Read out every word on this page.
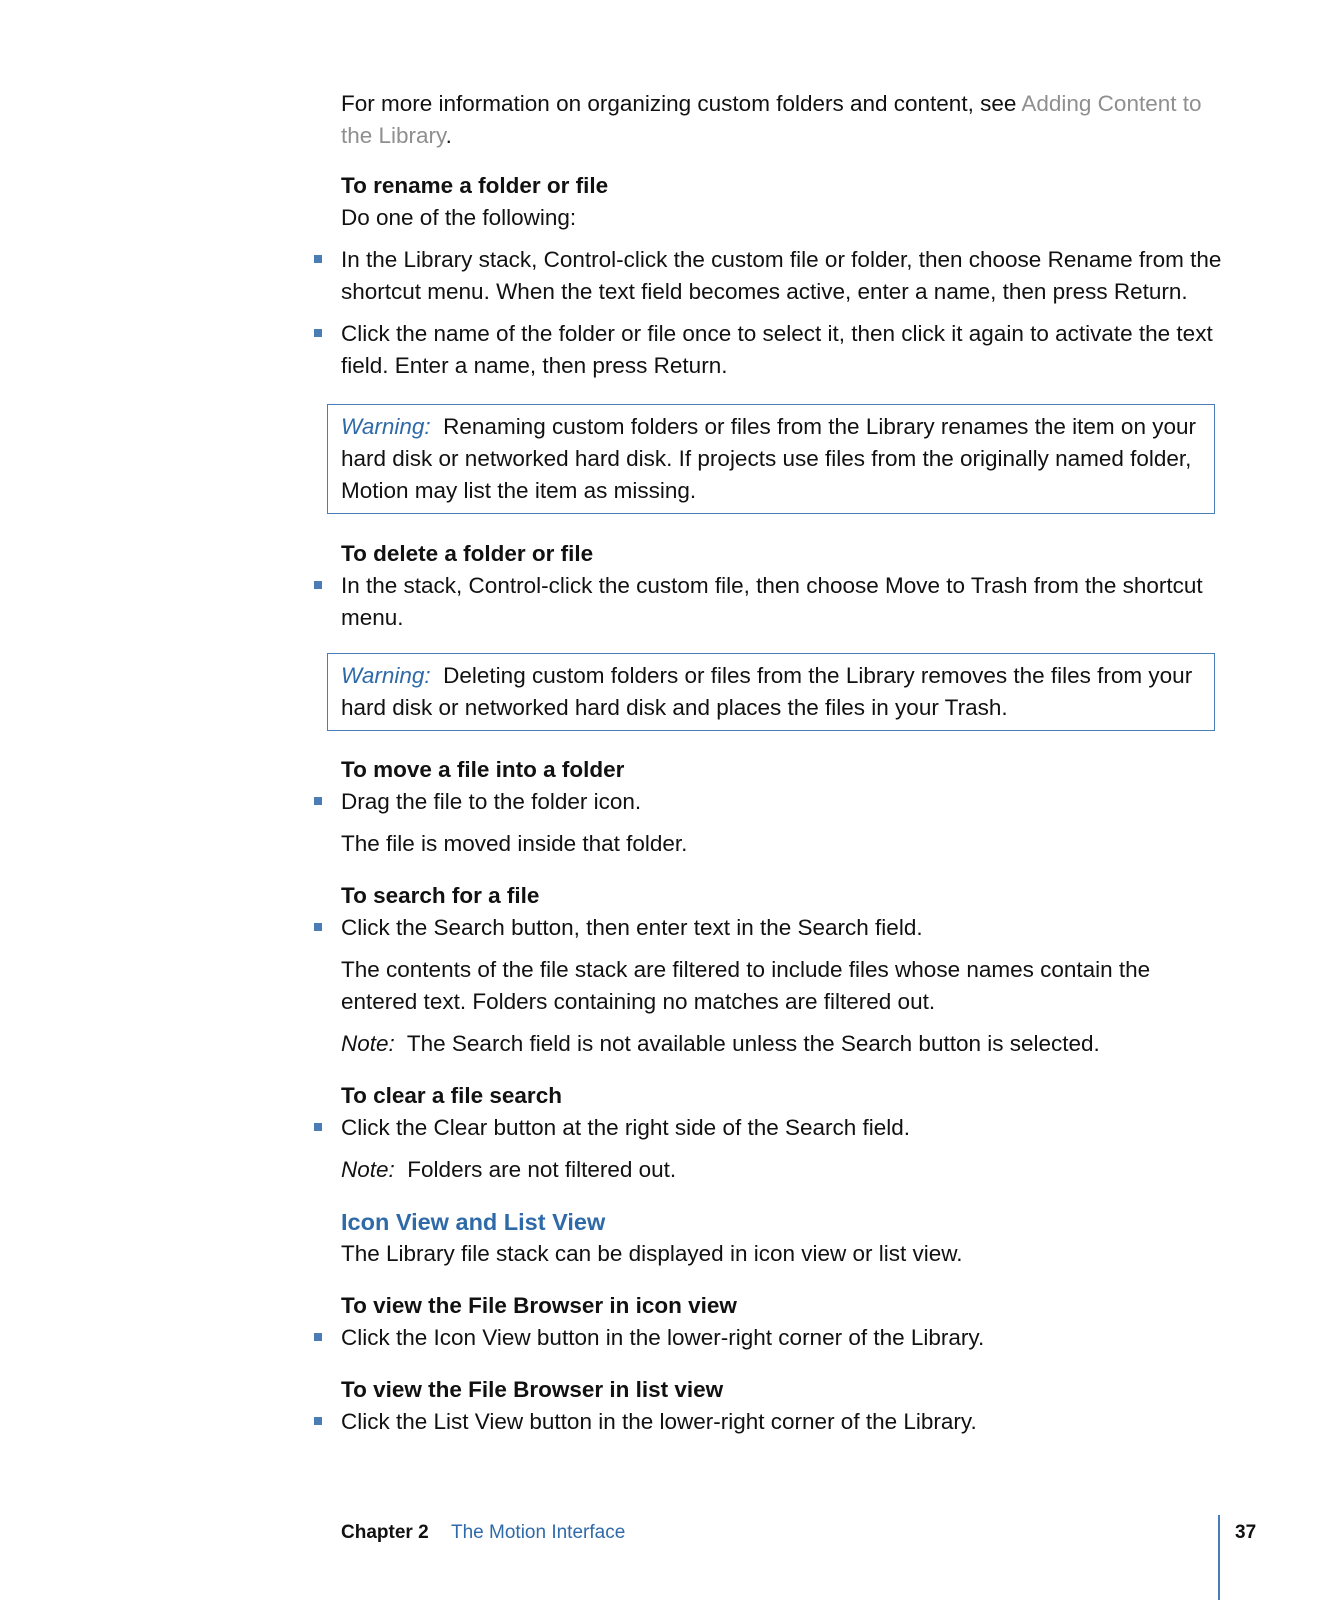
For more information on organizing custom folders and content, see Adding Content to the Library.
To rename a folder or file
Do one of the following:
In the Library stack, Control-click the custom file or folder, then choose Rename from the shortcut menu. When the text field becomes active, enter a name, then press Return.
Click the name of the folder or file once to select it, then click it again to activate the text field. Enter a name, then press Return.
Warning: Renaming custom folders or files from the Library renames the item on your hard disk or networked hard disk. If projects use files from the originally named folder, Motion may list the item as missing.
To delete a folder or file
In the stack, Control-click the custom file, then choose Move to Trash from the shortcut menu.
Warning: Deleting custom folders or files from the Library removes the files from your hard disk or networked hard disk and places the files in your Trash.
To move a file into a folder
Drag the file to the folder icon.
The file is moved inside that folder.
To search for a file
Click the Search button, then enter text in the Search field.
The contents of the file stack are filtered to include files whose names contain the entered text. Folders containing no matches are filtered out.
Note: The Search field is not available unless the Search button is selected.
To clear a file search
Click the Clear button at the right side of the Search field.
Note: Folders are not filtered out.
Icon View and List View
The Library file stack can be displayed in icon view or list view.
To view the File Browser in icon view
Click the Icon View button in the lower-right corner of the Library.
To view the File Browser in list view
Click the List View button in the lower-right corner of the Library.
Chapter 2 The Motion Interface	37
